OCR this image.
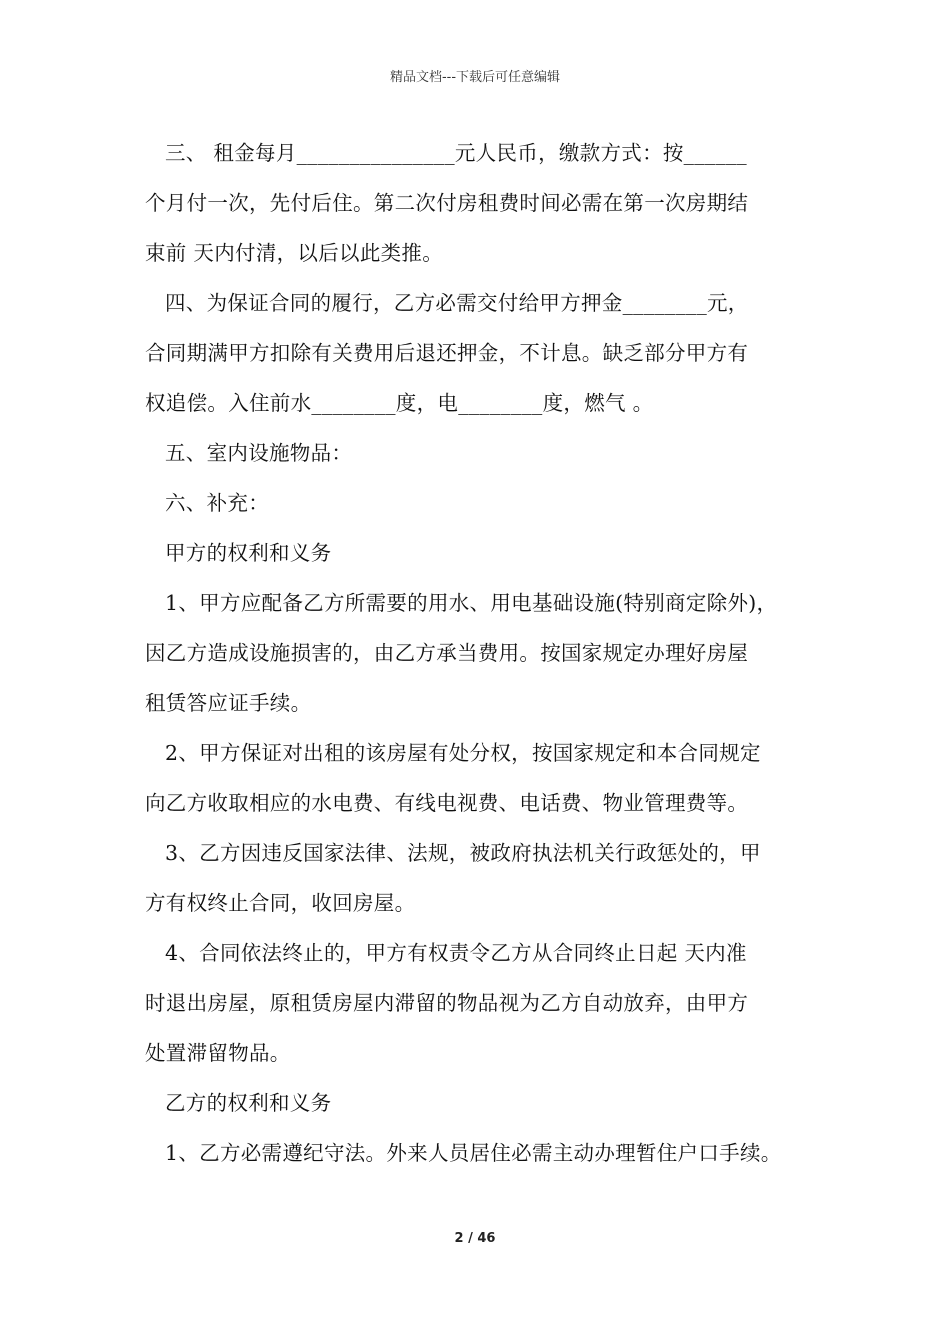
精品文档---下载后可任意编辑
三、 租金每月_______________元人民币，缴款方式：按______
个月付一次，先付后住。第二次付房租费时间必需在第一次房期结
束前 天内付清，以后以此类推。
四、为保证合同的履行，乙方必需交付给甲方押金________元，
合同期满甲方扣除有关费用后退还押金，不计息。缺乏部分甲方有
权追偿。入住前水________度，电________度，燃气 。
五、室内设施物品：
六、补充：
甲方的权利和义务
1、甲方应配备乙方所需要的用水、用电基础设施(特别商定除外)，
因乙方造成设施损害的，由乙方承当费用。按国家规定办理好房屋
租赁答应证手续。
2、甲方保证对出租的该房屋有处分权，按国家规定和本合同规定
向乙方收取相应的水电费、有线电视费、电话费、物业管理费等。
3、乙方因违反国家法律、法规，被政府执法机关行政惩处的，甲
方有权终止合同，收回房屋。
4、合同依法终止的，甲方有权责令乙方从合同终止日起 天内准
时退出房屋，原租赁房屋内滞留的物品视为乙方自动放弃，由甲方
处置滞留物品。
乙方的权利和义务
1、乙方必需遵纪守法。外来人员居住必需主动办理暂住户口手续。
2 / 46
